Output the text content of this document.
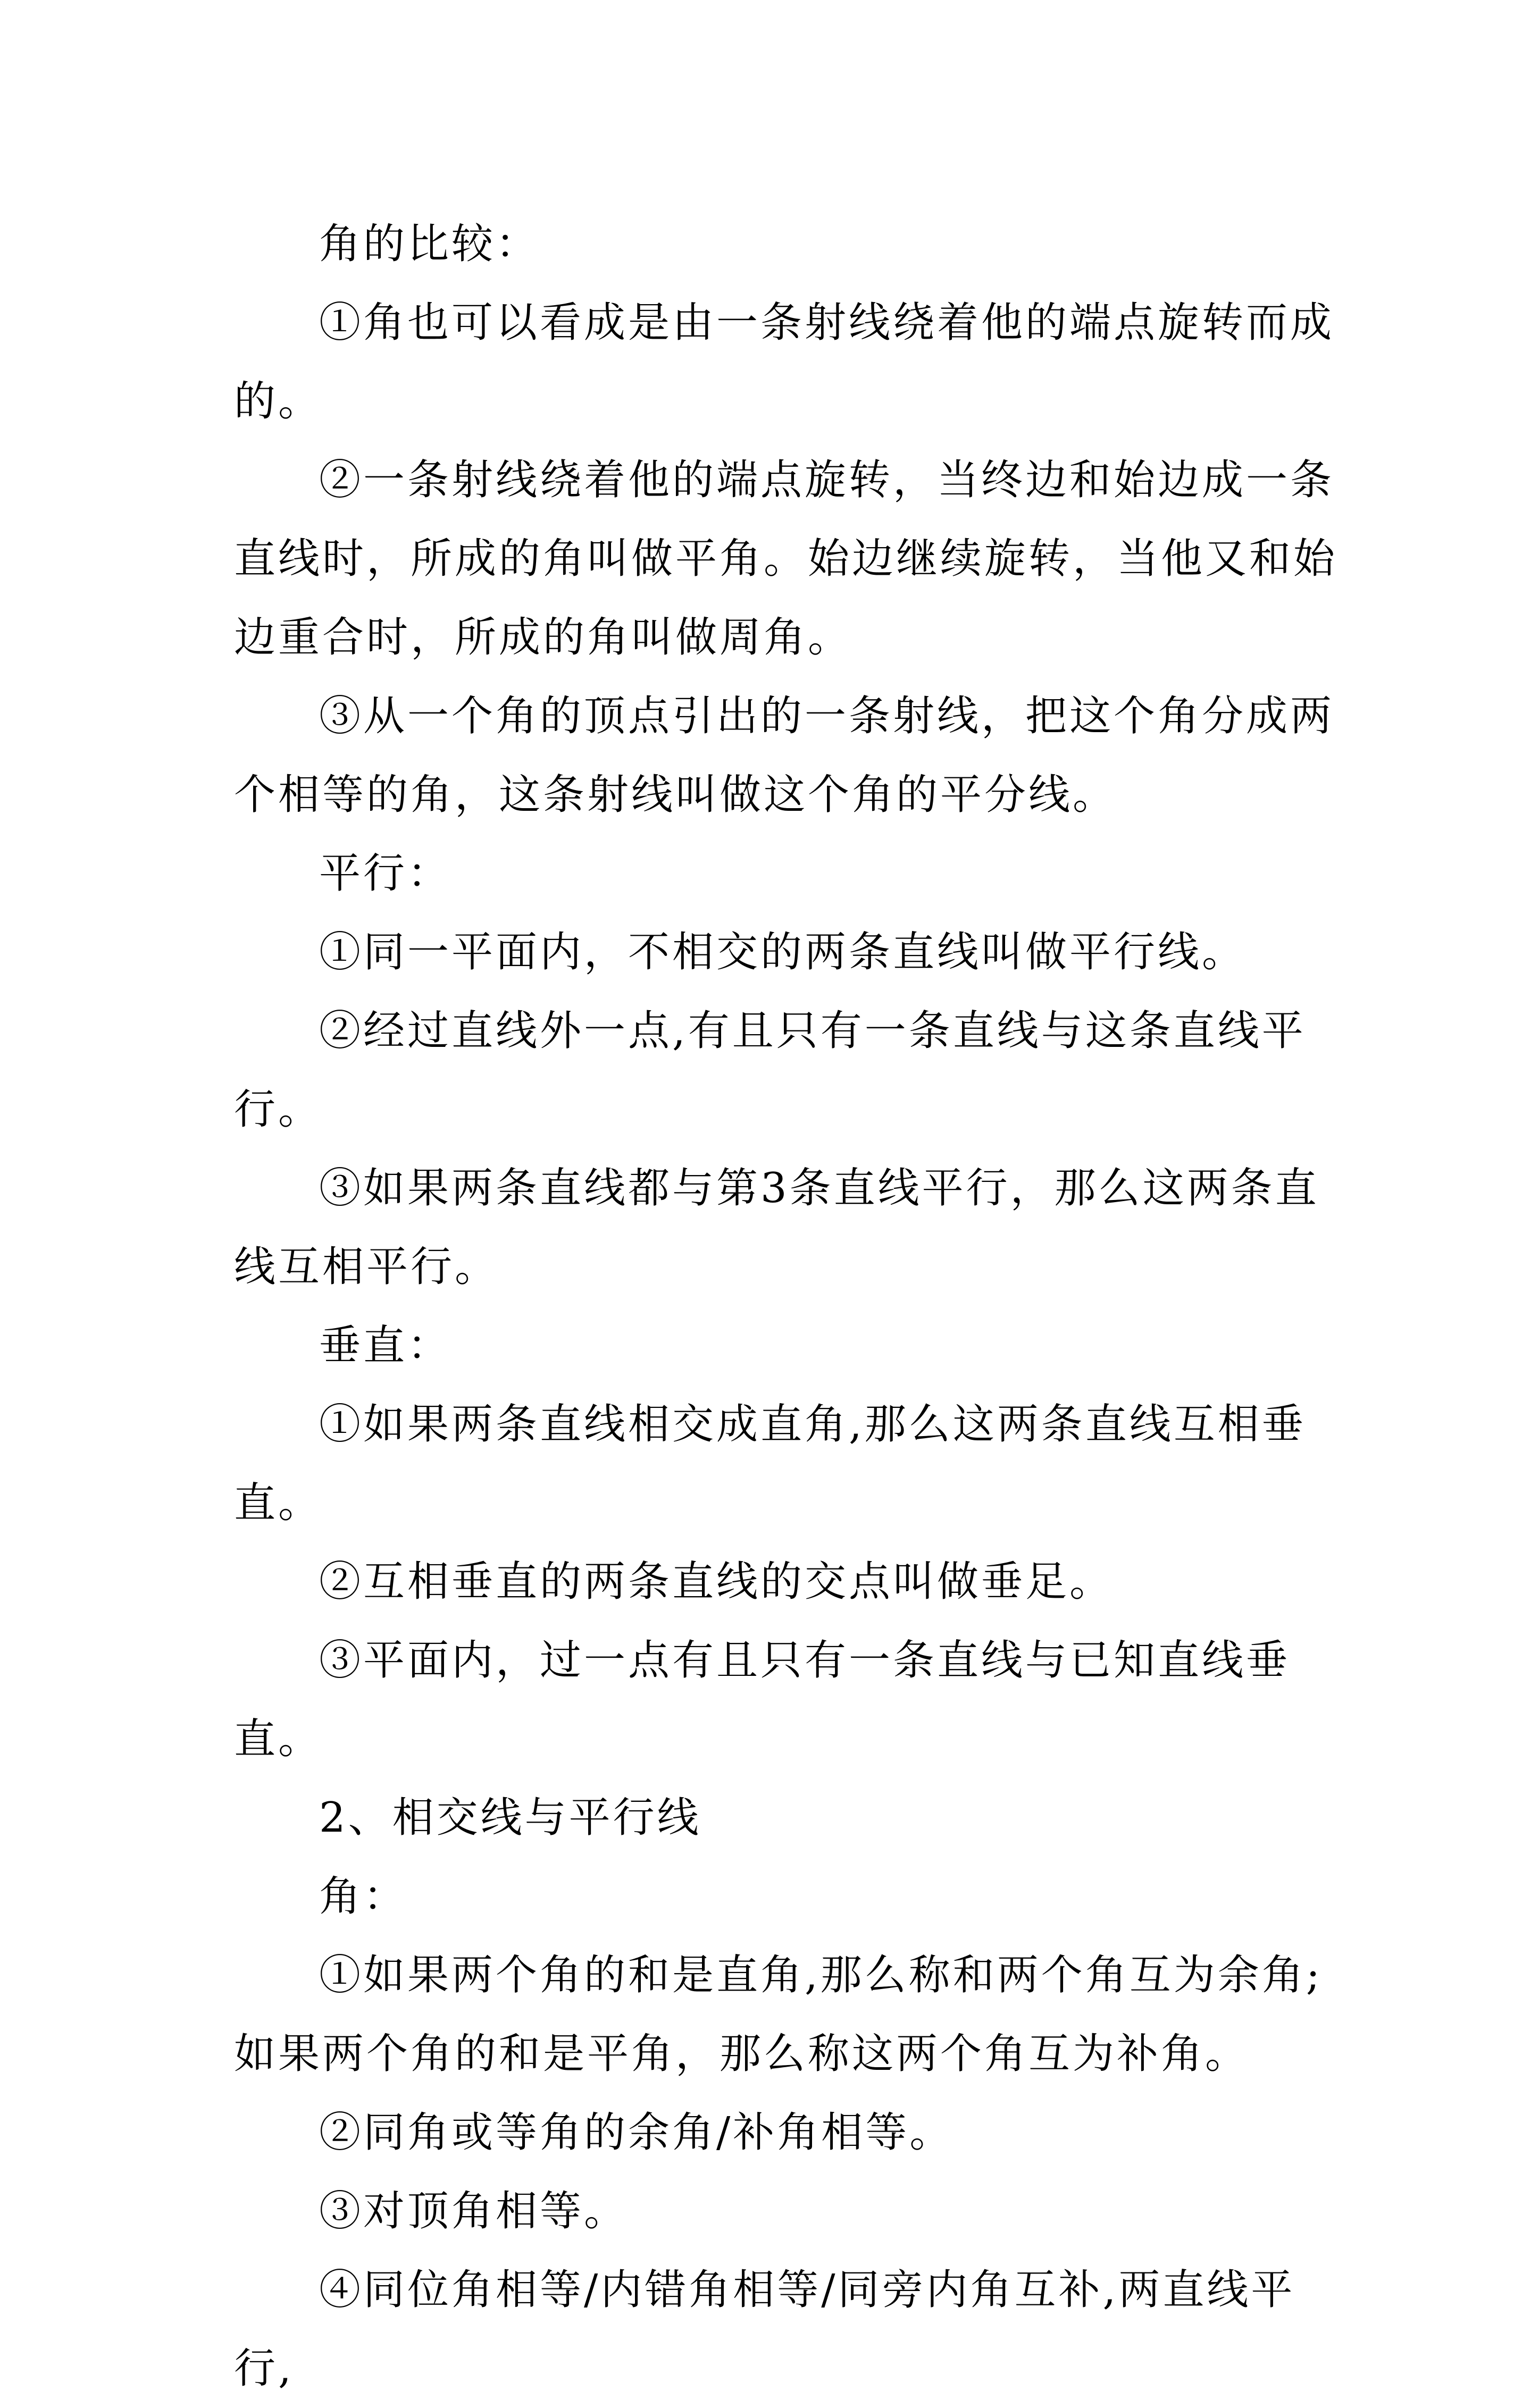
角的比较：

①角也可以看成是由一条射线绕着他的端点旋转而成的。

②一条射线绕着他的端点旋转，当终边和始边成一条直线时，所成的角叫做平角。始边继续旋转，当他又和始边重合时，所成的角叫做周角。

③从一个角的顶点引出的一条射线，把这个角分成两个相等的角，这条射线叫做这个角的平分线。

平行：

①同一平面内，不相交的两条直线叫做平行线。

②经过直线外一点,有且只有一条直线与这条直线平行。

③如果两条直线都与第3条直线平行，那么这两条直线互相平行。

垂直：

①如果两条直线相交成直角,那么这两条直线互相垂直。

②互相垂直的两条直线的交点叫做垂足。

③平面内，过一点有且只有一条直线与已知直线垂直。

2、相交线与平行线

角：

①如果两个角的和是直角,那么称和两个角互为余角;如果两个角的和是平角，那么称这两个角互为补角。

②同角或等角的余角/补角相等。

③对顶角相等。

④同位角相等/内错角相等/同旁内角互补,两直线平行,
